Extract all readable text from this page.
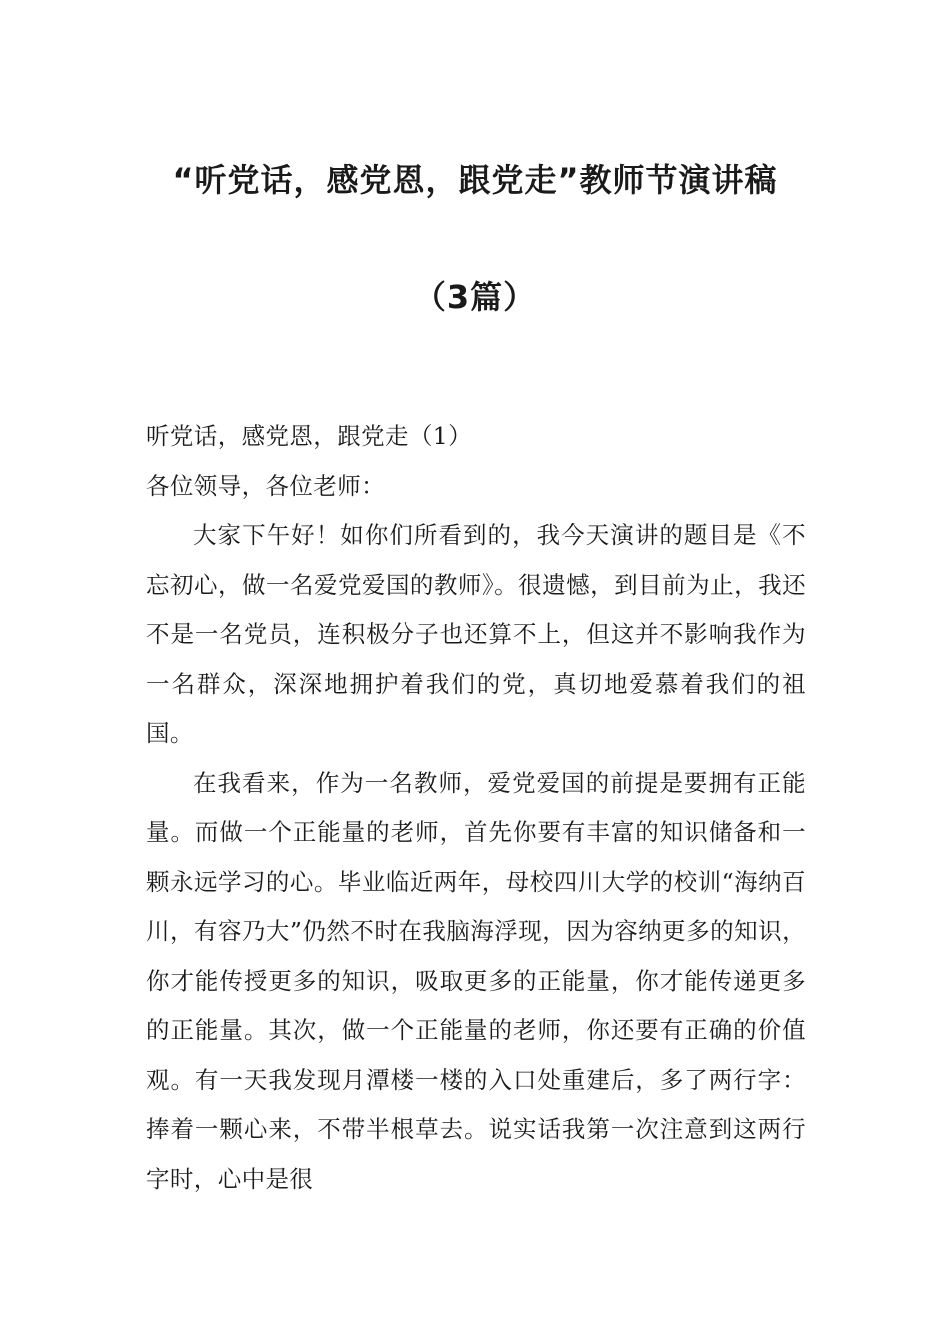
“听党话，感党恩，跟党走”教师节演讲稿
（3篇）

听党话，感党恩，跟党走（1）

各位领导，各位老师：

大家下午好！如你们所看到的，我今天演讲的题目是《不忘初心，做一名爱党爱国的教师》。很遗憾，到目前为止，我还不是一名党员，连积极分子也还算不上，但这并不影响我作为一名群众，深深地拥护着我们的党，真切地爱慕着我们的祖国。

在我看来，作为一名教师，爱党爱国的前提是要拥有正能量。而做一个正能量的老师，首先你要有丰富的知识储备和一颗永远学习的心。毕业临近两年，母校四川大学的校训“海纳百川，有容乃大”仍然不时在我脑海浮现，因为容纳更多的知识，你才能传授更多的知识，吸取更多的正能量，你才能传递更多的正能量。其次，做一个正能量的老师，你还要有正确的价值观。有一天我发现月潭楼一楼的入口处重建后，多了两行字：捧着一颗心来，不带半根草去。说实话我第一次注意到这两行字时，心中是很
